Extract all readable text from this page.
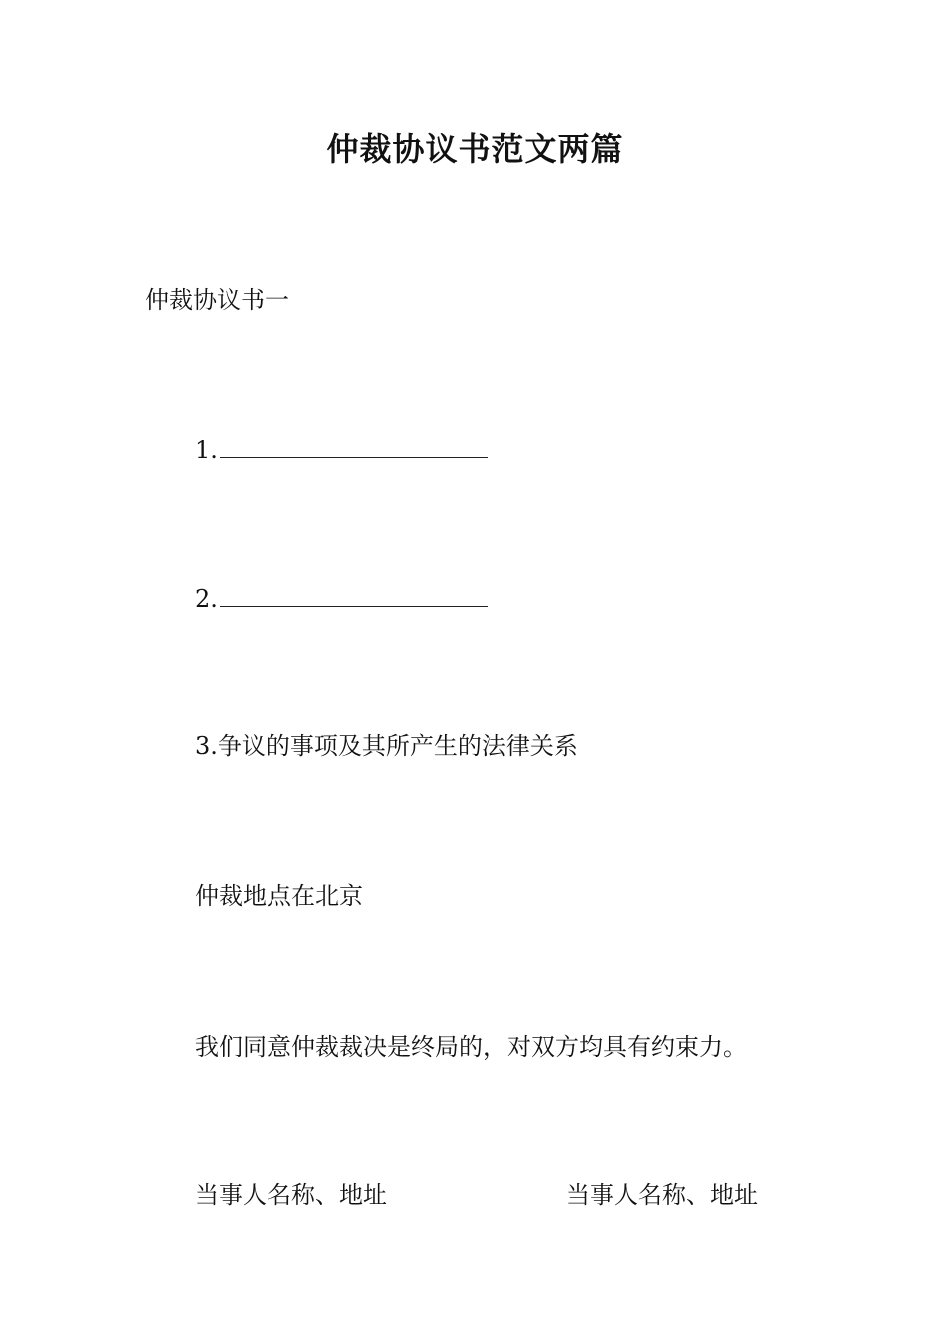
仲裁协议书范文两篇
仲裁协议书一
1.
2.
3.争议的事项及其所产生的法律关系
仲裁地点在北京
我们同意仲裁裁决是终局的，对双方均具有约束力。
当事人名称、地址	当事人名称、地址
